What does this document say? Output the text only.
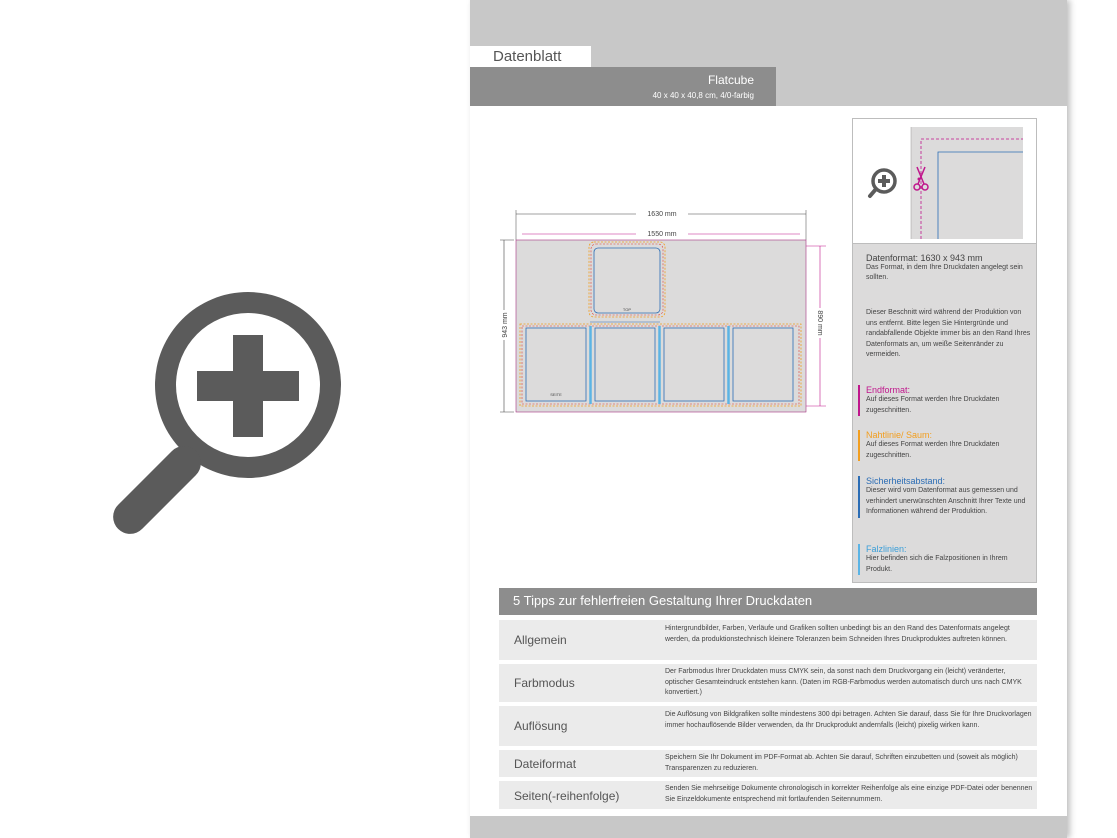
Datenblatt
Flatcube
40 x 40 x 40,8 cm, 4/0-farbig
1630 mm
1550 mm
943 mm	890 mm
TOP
SEITE
Datenformat: 1630 x 943 mm
Das Format, in dem Ihre Druckdaten angelegt sein sollten.
Dieser Beschnitt wird während der Produktion von uns entfernt. Bitte legen Sie Hintergründe und randabfallende Objekte immer bis an den Rand Ihres Datenformats an, um weiße Seitenränder zu vermeiden.
Endformat:
Auf dieses Format werden Ihre Druckdaten zugeschnitten.
Nahtlinie/ Saum:
Auf dieses Format werden Ihre Druckdaten zugeschnitten.
Sicherheitsabstand:
Dieser wird vom Datenformat aus gemessen und verhindert unerwünschten Anschnitt Ihrer Texte und Informationen während der Produktion.
Falzlinien:
Hier befinden sich die Falzpositionen in Ihrem Produkt.
5 Tipps zur fehlerfreien Gestaltung Ihrer Druckdaten
Allgemein
Hintergrundbilder, Farben, Verläufe und Grafiken sollten unbedingt bis an den Rand des Datenformats angelegt werden, da produktionstechnisch kleinere Toleranzen beim Schneiden Ihres Druckproduktes auftreten können.
Farbmodus
Der Farbmodus Ihrer Druckdaten muss CMYK sein, da sonst nach dem Druckvorgang ein (leicht) veränderter, optischer Gesamteindruck entstehen kann. (Daten im RGB-Farbmodus werden automatisch durch uns nach CMYK konvertiert.)
Auflösung
Die Auflösung von Bildgrafiken sollte mindestens 300 dpi betragen. Achten Sie darauf, dass Sie für Ihre Druckvorlagen immer hochauflösende Bilder verwenden, da Ihr Druckprodukt andernfalls (leicht) pixelig wirken kann.
Dateiformat	Speichern Sie Ihr Dokument im PDF-Format ab. Achten Sie darauf, Schriften einzubetten und (soweit als möglich) Transparenzen zu reduzieren.
Seiten(-reihenfolge)
Senden Sie mehrseitige Dokumente chronologisch in korrekter Reihenfolge als eine einzige PDF-Datei oder benennen Sie Einzeldokumente entsprechend mit fortlaufenden Seitennummern.
